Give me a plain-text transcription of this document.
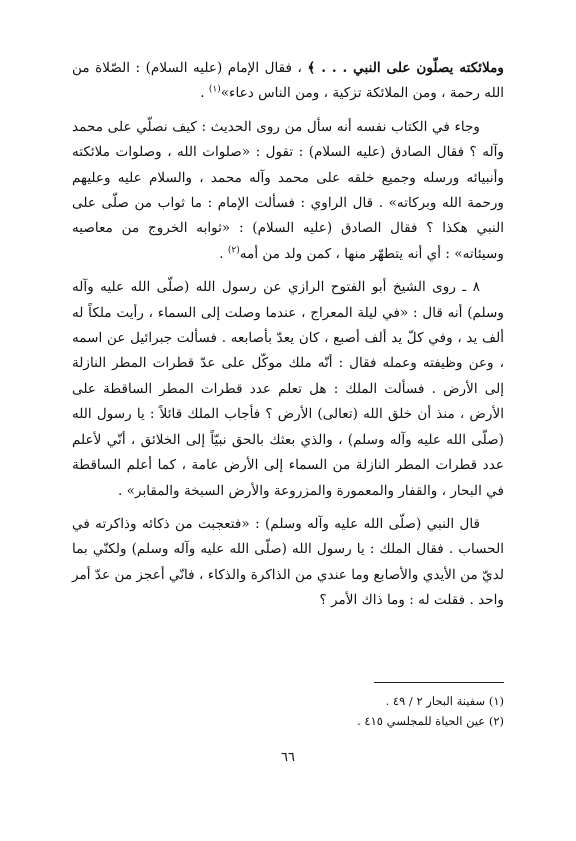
وملائكته يصلّون على النبي . . . ﴾ ، فقال الإمام (عليه السلام) : الصّلاة من الله رحمة ، ومن الملائكة تزكية ، ومن الناس دعاء»$^{(١)}$ .

وجاء في الكتاب نفسه أنه سأل من روى الحديث : كيف نصلّي على محمد وآله ؟ فقال الصادق (عليه السلام) : تقول : «صلوات الله ، وصلوات ملائكته وأنبيائه ورسله وجميع خلقه على محمد وآله محمد ، والسلام عليه وعليهم ورحمة الله وبركاته» . قال الراوي : فسألت الإمام : ما ثواب من صلّى على النبي هكذا ؟ فقال الصادق (عليه السلام) : «ثوابه الخروج من معاصيه وسيئاته» : أي أنه يتطهّر منها ، كمن ولد من أمه$^{(٢)}$ .

٨ ـ روى الشيخ أبو الفتوح الرازي عن رسول الله (صلّى الله عليه وآله وسلم) أنه قال : «في ليلة المعراج ، عندما وصلت إلى السماء ، رأيت ملكاً له ألف يد ، وفي كلّ يد ألف أصبع ، كان يعدّ بأصابعه . فسألت جبرائيل عن اسمه ، وعن وظيفته وعمله فقال : أنّه ملك موكّل على عدّ قطرات المطر النازلة إلى الأرض . فسألت الملك : هل تعلم عدد قطرات المطر الساقطة على الأرض ، منذ أن خلق الله (تعالى) الأرض ؟ فأجاب الملك قائلاً : يا رسول الله (صلّى الله عليه وآله وسلم) ، والذي بعثك بالحق نبيّاً إلى الخلائق ، أنّي لأعلم عدد قطرات المطر النازلة من السماء إلى الأرض عامة ، كما أعلم الساقطة في البحار ، والقفار والمعمورة والمزروعة والأرض السبخة والمقابر» .

قال النبي (صلّى الله عليه وآله وسلم) : «فتعجبت من ذكائه وذاكرته في الحساب . فقال الملك : يا رسول الله (صلّى الله عليه وآله وسلم) ولكنّي بما لديّ من الأيدي والأصابع وما عندي من الذاكرة والذكاء ، فانّي أعجز من عدّ أمر واحد . فقلت له : وما ذاك الأمر ؟

(١) سفينة البحار ٢ / ٤٩ .

(٢) عين الحياة للمجلسي ٤١٥ .

٦٦
